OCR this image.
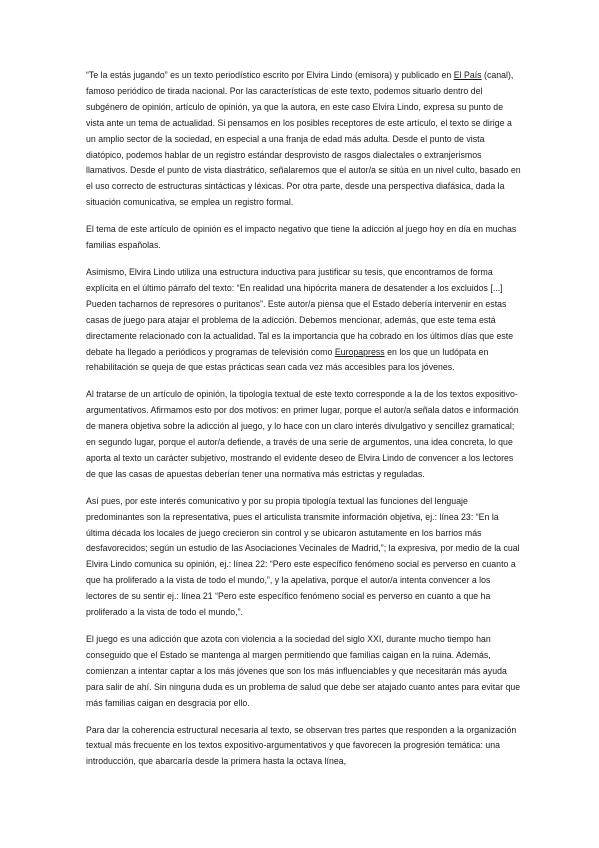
“Te la estás jugando” es un texto periodístico escrito por Elvira Lindo (emisora) y publicado en El País (canal), famoso periódico de tirada nacional. Por las características de este texto, podemos situarlo dentro del subgénero de opinión, artículo de opinión, ya que la autora, en este caso Elvira Lindo, expresa su punto de vista ante un tema de actualidad. Si pensamos en los posibles receptores de este artículo, el texto se dirige a un amplio sector de la sociedad, en especial a una franja de edad más adulta. Desde el punto de vista diatópico, podemos hablar de un registro estándar desprovisto de rasgos dialectales o extranjerismos llamativos. Desde el punto de vista diastrático, señalaremos que el autor/a se sitúa en un nivel culto, basado en el uso correcto de estructuras sintácticas y léxicas. Por otra parte, desde una perspectiva diafásica, dada la situación comunicativa, se emplea un registro formal.

El tema de este artículo de opinión es el impacto negativo que tiene la adicción al juego hoy en día en muchas familias españolas.

Asimismo, Elvira Lindo utiliza una estructura inductiva para justificar su tesis, que encontramos de forma explícita en el último párrafo del texto: “En realidad una hipócrita manera de desatender a los excluidos [...] Pueden tacharnos de represores o puritanos”. Este autor/a piensa que el Estado debería intervenir en estas casas de juego para atajar el problema de la adicción. Debemos mencionar, además, que este tema está directamente relacionado con la actualidad. Tal es la importancia que ha cobrado en los últimos días que este debate ha llegado a periódicos y programas de televisión como Europapress en los que un ludópata en rehabilitación se queja de que estas prácticas sean cada vez más accesibles para los jóvenes.

Al tratarse de un artículo de opinión, la tipología textual de este texto corresponde a la de los textos expositivo-argumentativos. Afirmamos esto por dos motivos: en primer lugar, porque el autor/a señala datos e información de manera objetiva sobre la adicción al juego, y lo hace con un claro interés divulgativo y sencillez gramatical; en segundo lugar, porque el autor/a defiende, a través de una serie de argumentos, una idea concreta, lo que aporta al texto un carácter subjetivo, mostrando el evidente deseo de Elvira Lindo de convencer a los lectores de que las casas de apuestas deberían tener una normativa más estrictas y reguladas.

Así pues, por este interés comunicativo y por su propia tipología textual las funciones del lenguaje predominantes son la representativa, pues el articulista transmite información objetiva, ej.: línea 23: “En la última década los locales de juego crecieron sin control y se ubicaron astutamente en los barrios más desfavorecidos; según un estudio de las Asociaciones Vecinales de Madrid,”; la expresiva, por medio de la cual Elvira Lindo comunica su opinión, ej.: línea 22: “Pero este específico fenómeno social es perverso en cuanto a que ha proliferado a la vista de todo el mundo,”, y la apelativa, porque el autor/a intenta convencer a los lectores de su sentir ej.: línea 21 “Pero este específico fenómeno social es perverso en cuanto a que ha proliferado a la vista de todo el mundo,”.

El juego es una adicción que azota con violencia a la sociedad del siglo XXI, durante mucho tiempo han conseguido que el Estado se mantenga al margen permitiendo que familias caigan en la ruina. Además, comienzan a intentar captar a los más jóvenes que son los más influenciables y que necesitarán más ayuda para salir de ahí. Sin ninguna duda es un problema de salud que debe ser atajado cuanto antes para evitar que más familias caigan en desgracia por ello.

Para dar la coherencia estructural necesaria al texto, se observan tres partes que responden a la organización textual más frecuente en los textos expositivo-argumentativos y que favorecen la progresión temática: una introducción, que abarcaría desde la primera hasta la octava línea,
